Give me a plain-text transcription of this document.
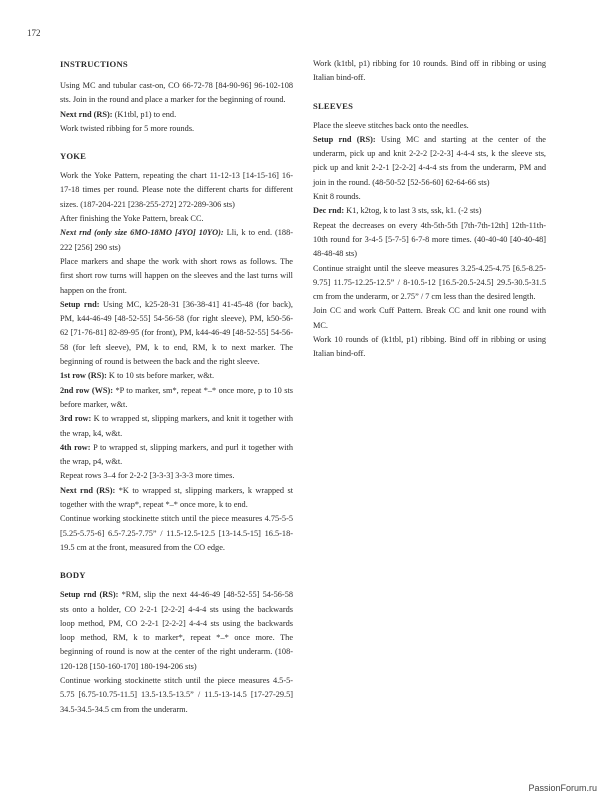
172
INSTRUCTIONS

Using MC and tubular cast-on, CO 66-72-78 [84-90-96] 96-102-108 sts. Join in the round and place a marker for the beginning of round.

Next rnd (RS): (K1tbl, p1) to end.

Work twisted ribbing for 5 more rounds.

YOKE

Work the Yoke Pattern, repeating the chart 11-12-13 [14-15-16] 16-17-18 times per round. Please note the different charts for different sizes. (187-204-221 [238-255-272] 272-289-306 sts)

After finishing the Yoke Pattern, break CC.

Next rnd (only size 6MO-18MO [4YO] 10YO): Lli, k to end. (188-222 [256] 290 sts)

Place markers and shape the work with short rows as follows. The first short row turns will happen on the sleeves and the last turns will happen on the front.

Setup rnd: Using MC, k25-28-31 [36-38-41] 41-45-48 (for back), PM, k44-46-49 [48-52-55] 54-56-58 (for right sleeve), PM, k50-56-62 [71-76-81] 82-89-95 (for front), PM, k44-46-49 [48-52-55] 54-56-58 (for left sleeve), PM, k to end, RM, k to next marker. The beginning of round is between the back and the right sleeve.

1st row (RS): K to 10 sts before marker, w&t.

2nd row (WS): *P to marker, sm*, repeat *–* once more, p to 10 sts before marker, w&t.

3rd row: K to wrapped st, slipping markers, and knit it together with the wrap, k4, w&t.

4th row: P to wrapped st, slipping markers, and purl it together with the wrap, p4, w&t.

Repeat rows 3–4 for 2-2-2 [3-3-3] 3-3-3 more times.

Next rnd (RS): *K to wrapped st, slipping markers, k wrapped st together with the wrap*, repeat *–* once more, k to end.

Continue working stockinette stitch until the piece measures 4.75-5-5 [5.25-5.75-6] 6.5-7.25-7.75” / 11.5-12.5-12.5 [13-14.5-15] 16.5-18-19.5 cm at the front, measured from the CO edge.

BODY

Setup rnd (RS): *RM, slip the next 44-46-49 [48-52-55] 54-56-58 sts onto a holder, CO 2-2-1 [2-2-2] 4-4-4 sts using the backwards loop method, PM, CO 2-2-1 [2-2-2] 4-4-4 sts using the backwards loop method, RM, k to marker*, repeat *–* once more. The beginning of round is now at the center of the right underarm. (108-120-128 [150-160-170] 180-194-206 sts)

Continue working stockinette stitch until the piece measures 4.5-5-5.75 [6.75-10.75-11.5] 13.5-13.5-13.5” / 11.5-13-14.5 [17-27-29.5] 34.5-34.5-34.5 cm from the underarm.

Work (k1tbl, p1) ribbing for 10 rounds. Bind off in ribbing or using Italian bind-off.

SLEEVES

Place the sleeve stitches back onto the needles.

Setup rnd (RS): Using MC and starting at the center of the underarm, pick up and knit 2-2-2 [2-2-3] 4-4-4 sts, k the sleeve sts, pick up and knit 2-2-1 [2-2-2] 4-4-4 sts from the underarm, PM and join in the round. (48-50-52 [52-56-60] 62-64-66 sts)

Knit 8 rounds.

Dec rnd: K1, k2tog, k to last 3 sts, ssk, k1. (-2 sts)

Repeat the decreases on every 4th-5th-5th [7th-7th-12th] 12th-11th-10th round for 3-4-5 [5-7-5] 6-7-8 more times. (40-40-40 [40-40-48] 48-48-48 sts)

Continue straight until the sleeve measures 3.25-4.25-4.75 [6.5-8.25-9.75] 11.75-12.25-12.5” / 8-10.5-12 [16.5-20.5-24.5] 29.5-30.5-31.5 cm from the underarm, or 2.75” / 7 cm less than the desired length.

Join CC and work Cuff Pattern. Break CC and knit one round with MC.

Work 10 rounds of (k1tbl, p1) ribbing. Bind off in ribbing or using Italian bind-off.

PassionForum.ru
